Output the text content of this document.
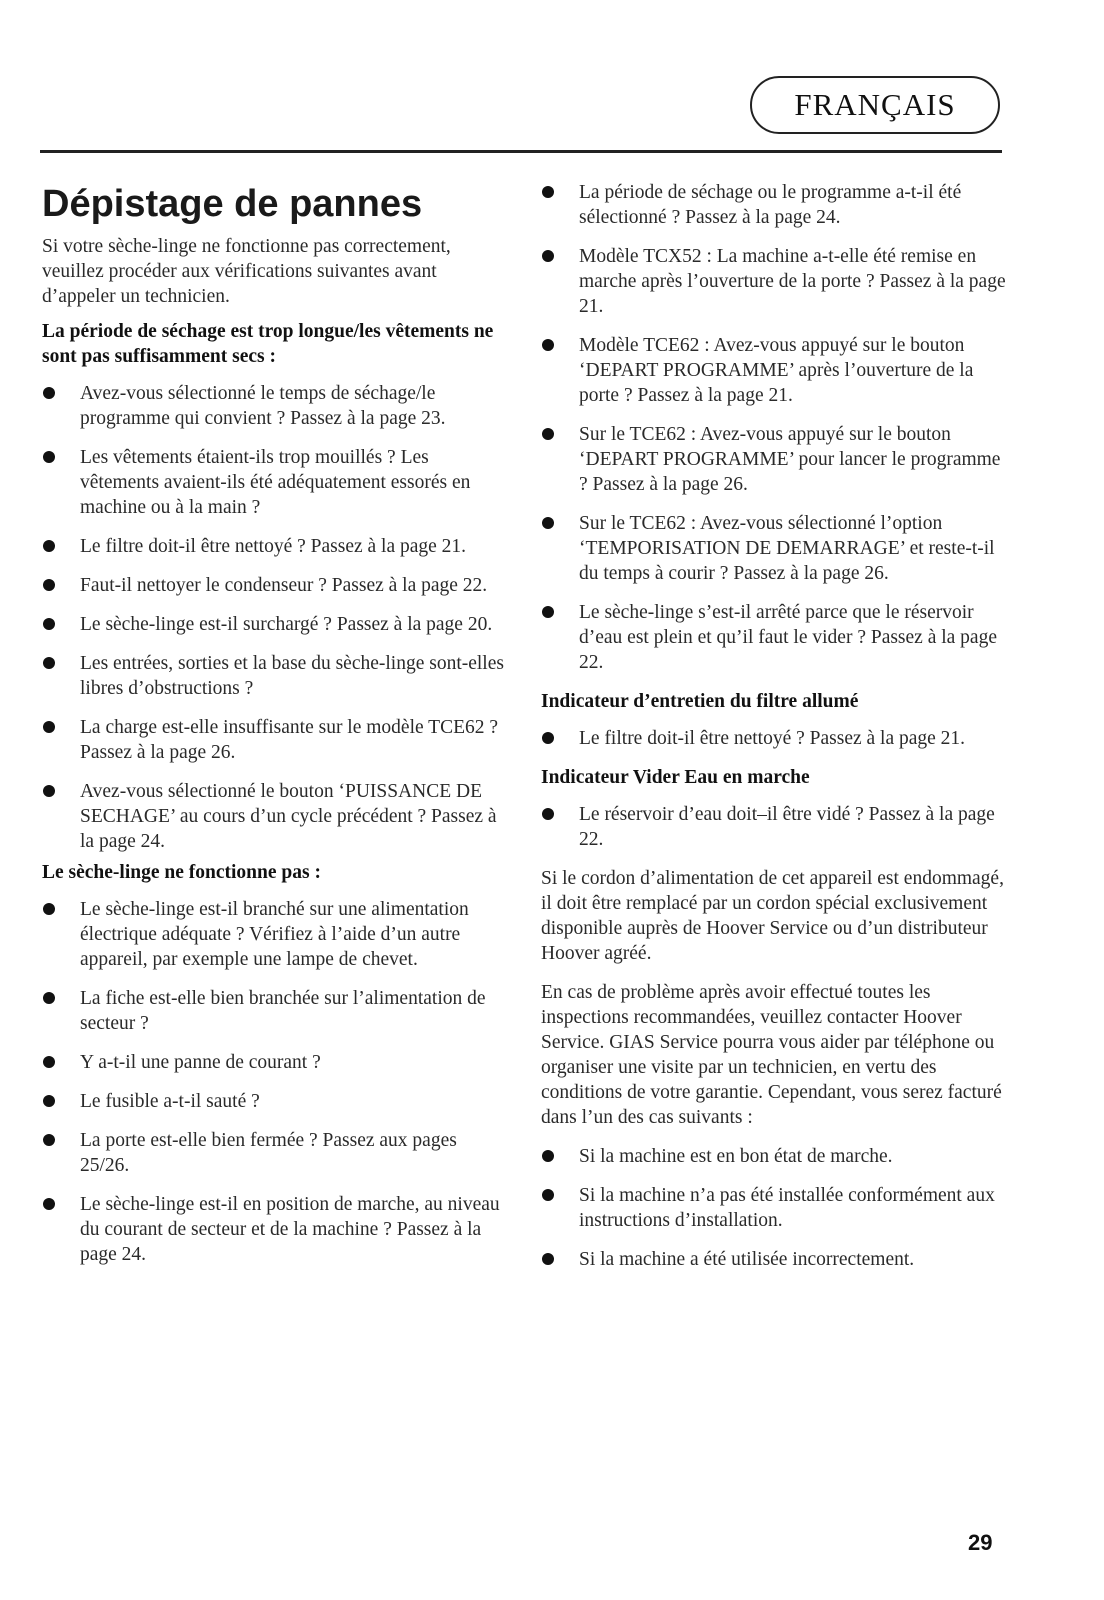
FRANÇAIS
Dépistage de pannes

Si votre sèche-linge ne fonctionne pas correctement, veuillez procéder aux vérifications suivantes avant d’appeler un technicien.

La période de séchage est trop longue/les vêtements ne sont pas suffisamment secs :
Avez-vous sélectionné le temps de séchage/le programme qui convient ? Passez à la page 23.
Les vêtements étaient-ils trop mouillés ? Les vêtements avaient-ils été adéquatement essorés en machine ou à la main ?
Le filtre doit-il être nettoyé ? Passez à la page 21.
Faut-il nettoyer le condenseur ? Passez à la page 22.
Le sèche-linge est-il surchargé ? Passez à la page 20.
Les entrées, sorties et la base du sèche-linge sont-elles libres d’obstructions ?
La charge est-elle insuffisante sur le modèle TCE62 ? Passez à la page 26.
Avez-vous sélectionné le bouton ‘PUISSANCE DE SECHAGE’ au cours d’un cycle précédent ? Passez à la page 24.
Le sèche-linge ne fonctionne pas :
Le sèche-linge est-il branché sur une alimentation électrique adéquate ? Vérifiez à l’aide d’un autre appareil, par exemple une lampe de chevet.
La fiche est-elle bien branchée sur l’alimentation de secteur ?
Y a-t-il une panne de courant ?
Le fusible a-t-il sauté ?
La porte est-elle bien fermée ? Passez aux pages 25/26.
Le sèche-linge est-il en position de marche, au niveau du courant de secteur et de la machine ? Passez à la page 24.
La période de séchage ou le programme a-t-il été sélectionné ? Passez à la page 24.
Modèle TCX52 : La machine a-t-elle été remise en marche après l’ouverture de la porte ? Passez à la page 21.
Modèle TCE62 : Avez-vous appuyé sur le bouton ‘DEPART PROGRAMME’ après l’ouverture de la porte ? Passez à la page 21.
Sur le TCE62 : Avez-vous appuyé sur le bouton ‘DEPART PROGRAMME’ pour lancer le programme ? Passez à la page 26.
Sur le TCE62 : Avez-vous sélectionné l’option ‘TEMPORISATION DE DEMARRAGE’ et reste-t-il du temps à courir ? Passez à la page 26.
Le sèche-linge s’est-il arrêté parce que le réservoir d’eau est plein et qu’il faut le vider ? Passez à la page 22.
Indicateur d’entretien du filtre allumé
Le filtre doit-il être nettoyé ? Passez à la page 21.
Indicateur Vider Eau en marche
Le réservoir d’eau doit–il être vidé ? Passez à la page 22.

Si le cordon d’alimentation de cet appareil est endommagé, il doit être remplacé par un cordon spécial exclusivement disponible auprès de Hoover Service ou d’un distributeur Hoover agréé.

En cas de problème après avoir effectué toutes les inspections recommandées, veuillez contacter Hoover Service. GIAS Service pourra vous aider par téléphone ou organiser une visite par un technicien, en vertu des conditions de votre garantie. Cependant, vous serez facturé dans l’un des cas suivants :

Si la machine est en bon état de marche.
Si la machine n’a pas été installée conformément aux instructions d’installation.
Si la machine a été utilisée incorrectement.
29
